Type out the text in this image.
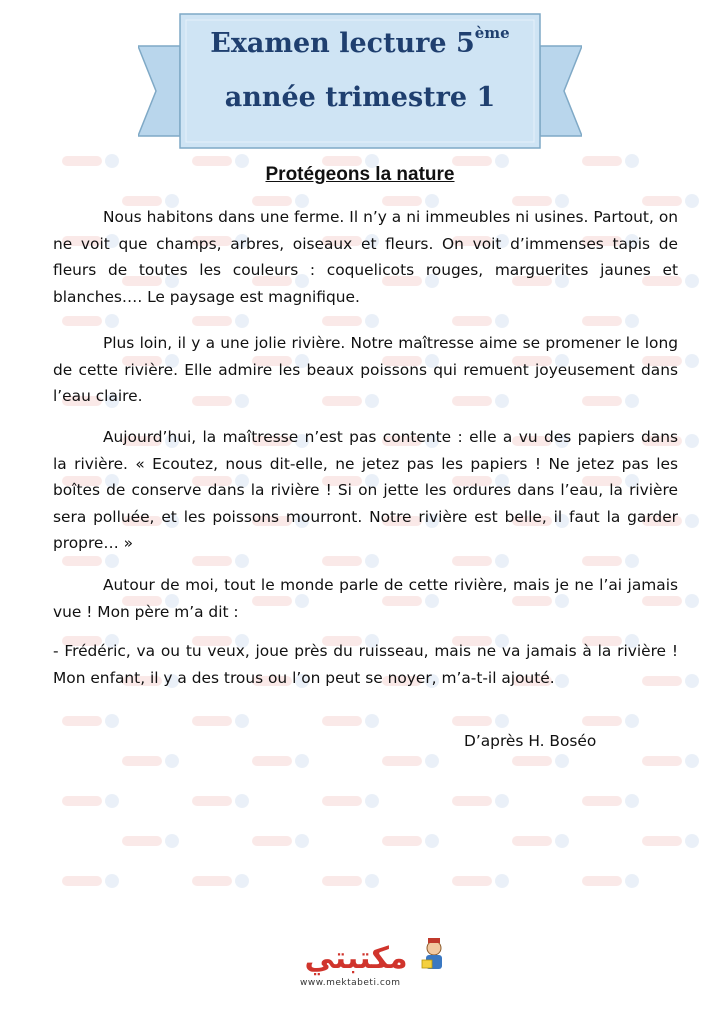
Examen lecture 5ème
année trimestre 1
Protégeons la nature

Nous habitons dans une ferme. Il n’y a ni immeubles ni usines. Partout, on ne voit que champs, arbres, oiseaux et fleurs. On voit d’immenses tapis de fleurs de toutes les couleurs : coquelicots rouges, marguerites jaunes et blanches…. Le paysage est magnifique.

Plus loin, il y a une jolie rivière. Notre maîtresse aime se promener le long de cette rivière. Elle admire les beaux poissons qui remuent joyeusement dans l’eau claire.

Aujourd’hui, la maîtresse n’est pas contente : elle a vu des papiers dans la rivière. « Ecoutez, nous dit-elle, ne jetez pas les papiers ! Ne jetez pas les boîtes de conserve dans la rivière ! Si on jette les ordures dans l’eau, la rivière sera polluée, et les poissons mourront. Notre rivière est belle, il faut la garder propre… »

Autour de moi, tout le monde parle de cette rivière, mais je ne l’ai jamais vue ! Mon père m’a dit :

- Frédéric, va ou tu veux, joue près du ruisseau, mais ne va jamais à la rivière ! Mon enfant, il y a des trous ou l’on peut se noyer, m’a-t-il ajouté.

D’après H. Boséo
مكتبتي
www.mektabeti.com
